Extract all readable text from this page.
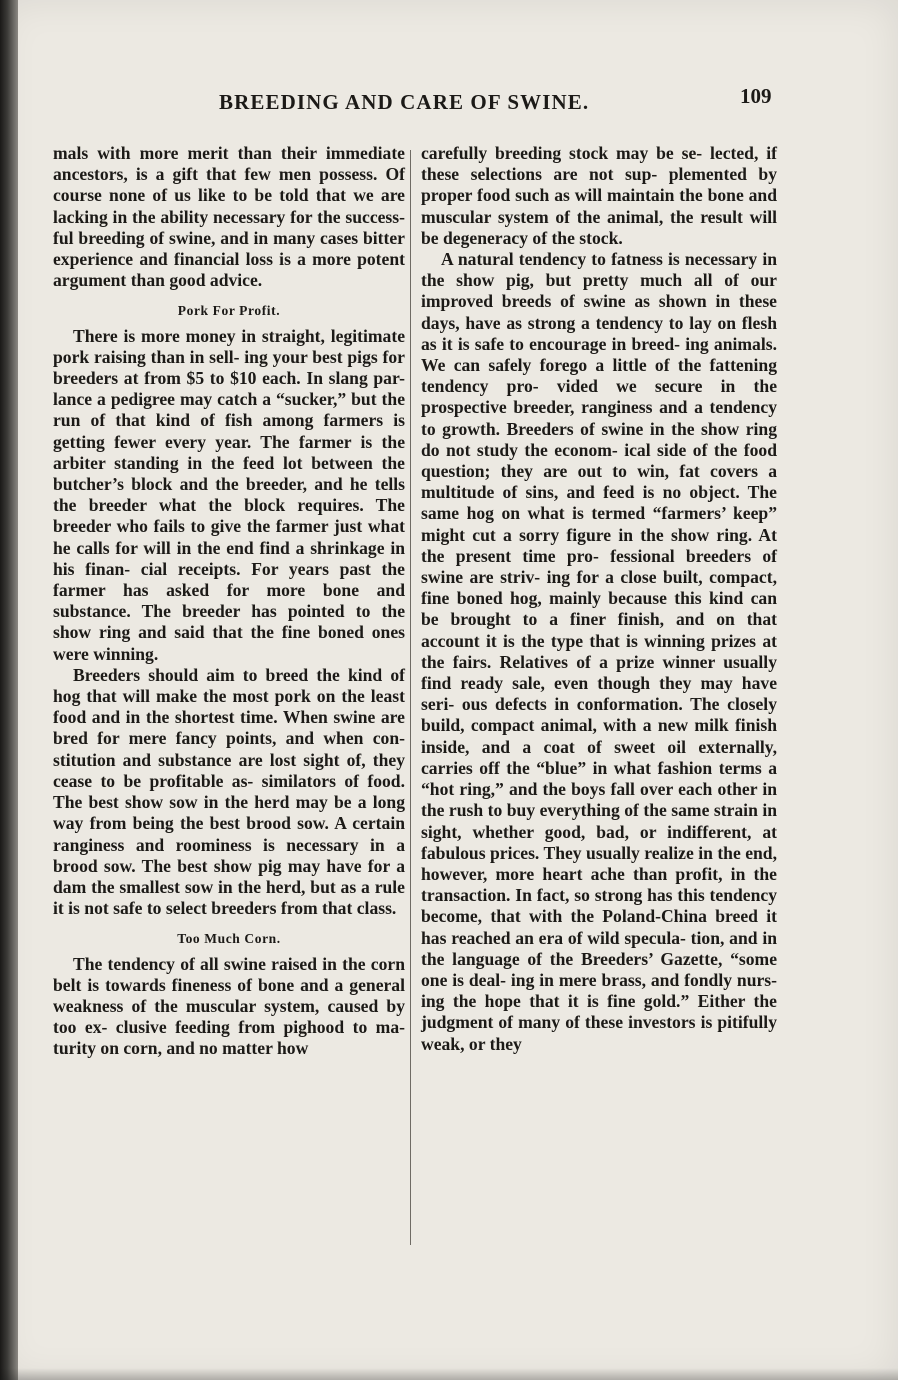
BREEDING AND CARE OF SWINE.	109

mals with more merit than their immediate ancestors, is a gift that few men possess. Of course none of us like to be told that we are lacking in the ability necessary for the success- ful breeding of swine, and in many cases bitter experience and financial loss is a more potent argument than good advice.

Pork For Profit.

There is more money in straight, legitimate pork raising than in sell- ing your best pigs for breeders at from $5 to $10 each. In slang par- lance a pedigree may catch a “sucker,” but the run of that kind of fish among farmers is getting fewer every year. The farmer is the arbiter standing in the feed lot between the butcher’s block and the breeder, and he tells the breeder what the block requires. The breeder who fails to give the farmer just what he calls for will in the end find a shrinkage in his finan- cial receipts. For years past the farmer has asked for more bone and substance. The breeder has pointed to the show ring and said that the fine boned ones were winning.

Breeders should aim to breed the kind of hog that will make the most pork on the least food and in the shortest time. When swine are bred for mere fancy points, and when con- stitution and substance are lost sight of, they cease to be profitable as- similators of food. The best show sow in the herd may be a long way from being the best brood sow. A certain ranginess and roominess is necessary in a brood sow. The best show pig may have for a dam the smallest sow in the herd, but as a rule it is not safe to select breeders from that class.

Too Much Corn.

The tendency of all swine raised in the corn belt is towards fineness of bone and a general weakness of the muscular system, caused by too ex- clusive feeding from pighood to ma- turity on corn, and no matter how

carefully breeding stock may be se- lected, if these selections are not sup- plemented by proper food such as will maintain the bone and muscular system of the animal, the result will be degeneracy of the stock.

A natural tendency to fatness is necessary in the show pig, but pretty much all of our improved breeds of swine as shown in these days, have as strong a tendency to lay on flesh as it is safe to encourage in breed- ing animals. We can safely forego a little of the fattening tendency pro- vided we secure in the prospective breeder, ranginess and a tendency to growth. Breeders of swine in the show ring do not study the econom- ical side of the food question; they are out to win, fat covers a multitude of sins, and feed is no object. The same hog on what is termed “farmers’ keep” might cut a sorry figure in the show ring. At the present time pro- fessional breeders of swine are striv- ing for a close built, compact, fine boned hog, mainly because this kind can be brought to a finer finish, and on that account it is the type that is winning prizes at the fairs. Relatives of a prize winner usually find ready sale, even though they may have seri- ous defects in conformation. The closely build, compact animal, with a new milk finish inside, and a coat of sweet oil externally, carries off the “blue” in what fashion terms a “hot ring,” and the boys fall over each other in the rush to buy everything of the same strain in sight, whether good, bad, or indifferent, at fabulous prices. They usually realize in the end, however, more heart ache than profit, in the transaction. In fact, so strong has this tendency become, that with the Poland-China breed it has reached an era of wild specula- tion, and in the language of the Breeders’ Gazette, “some one is deal- ing in mere brass, and fondly nurs- ing the hope that it is fine gold.” Either the judgment of many of these investors is pitifully weak, or they
